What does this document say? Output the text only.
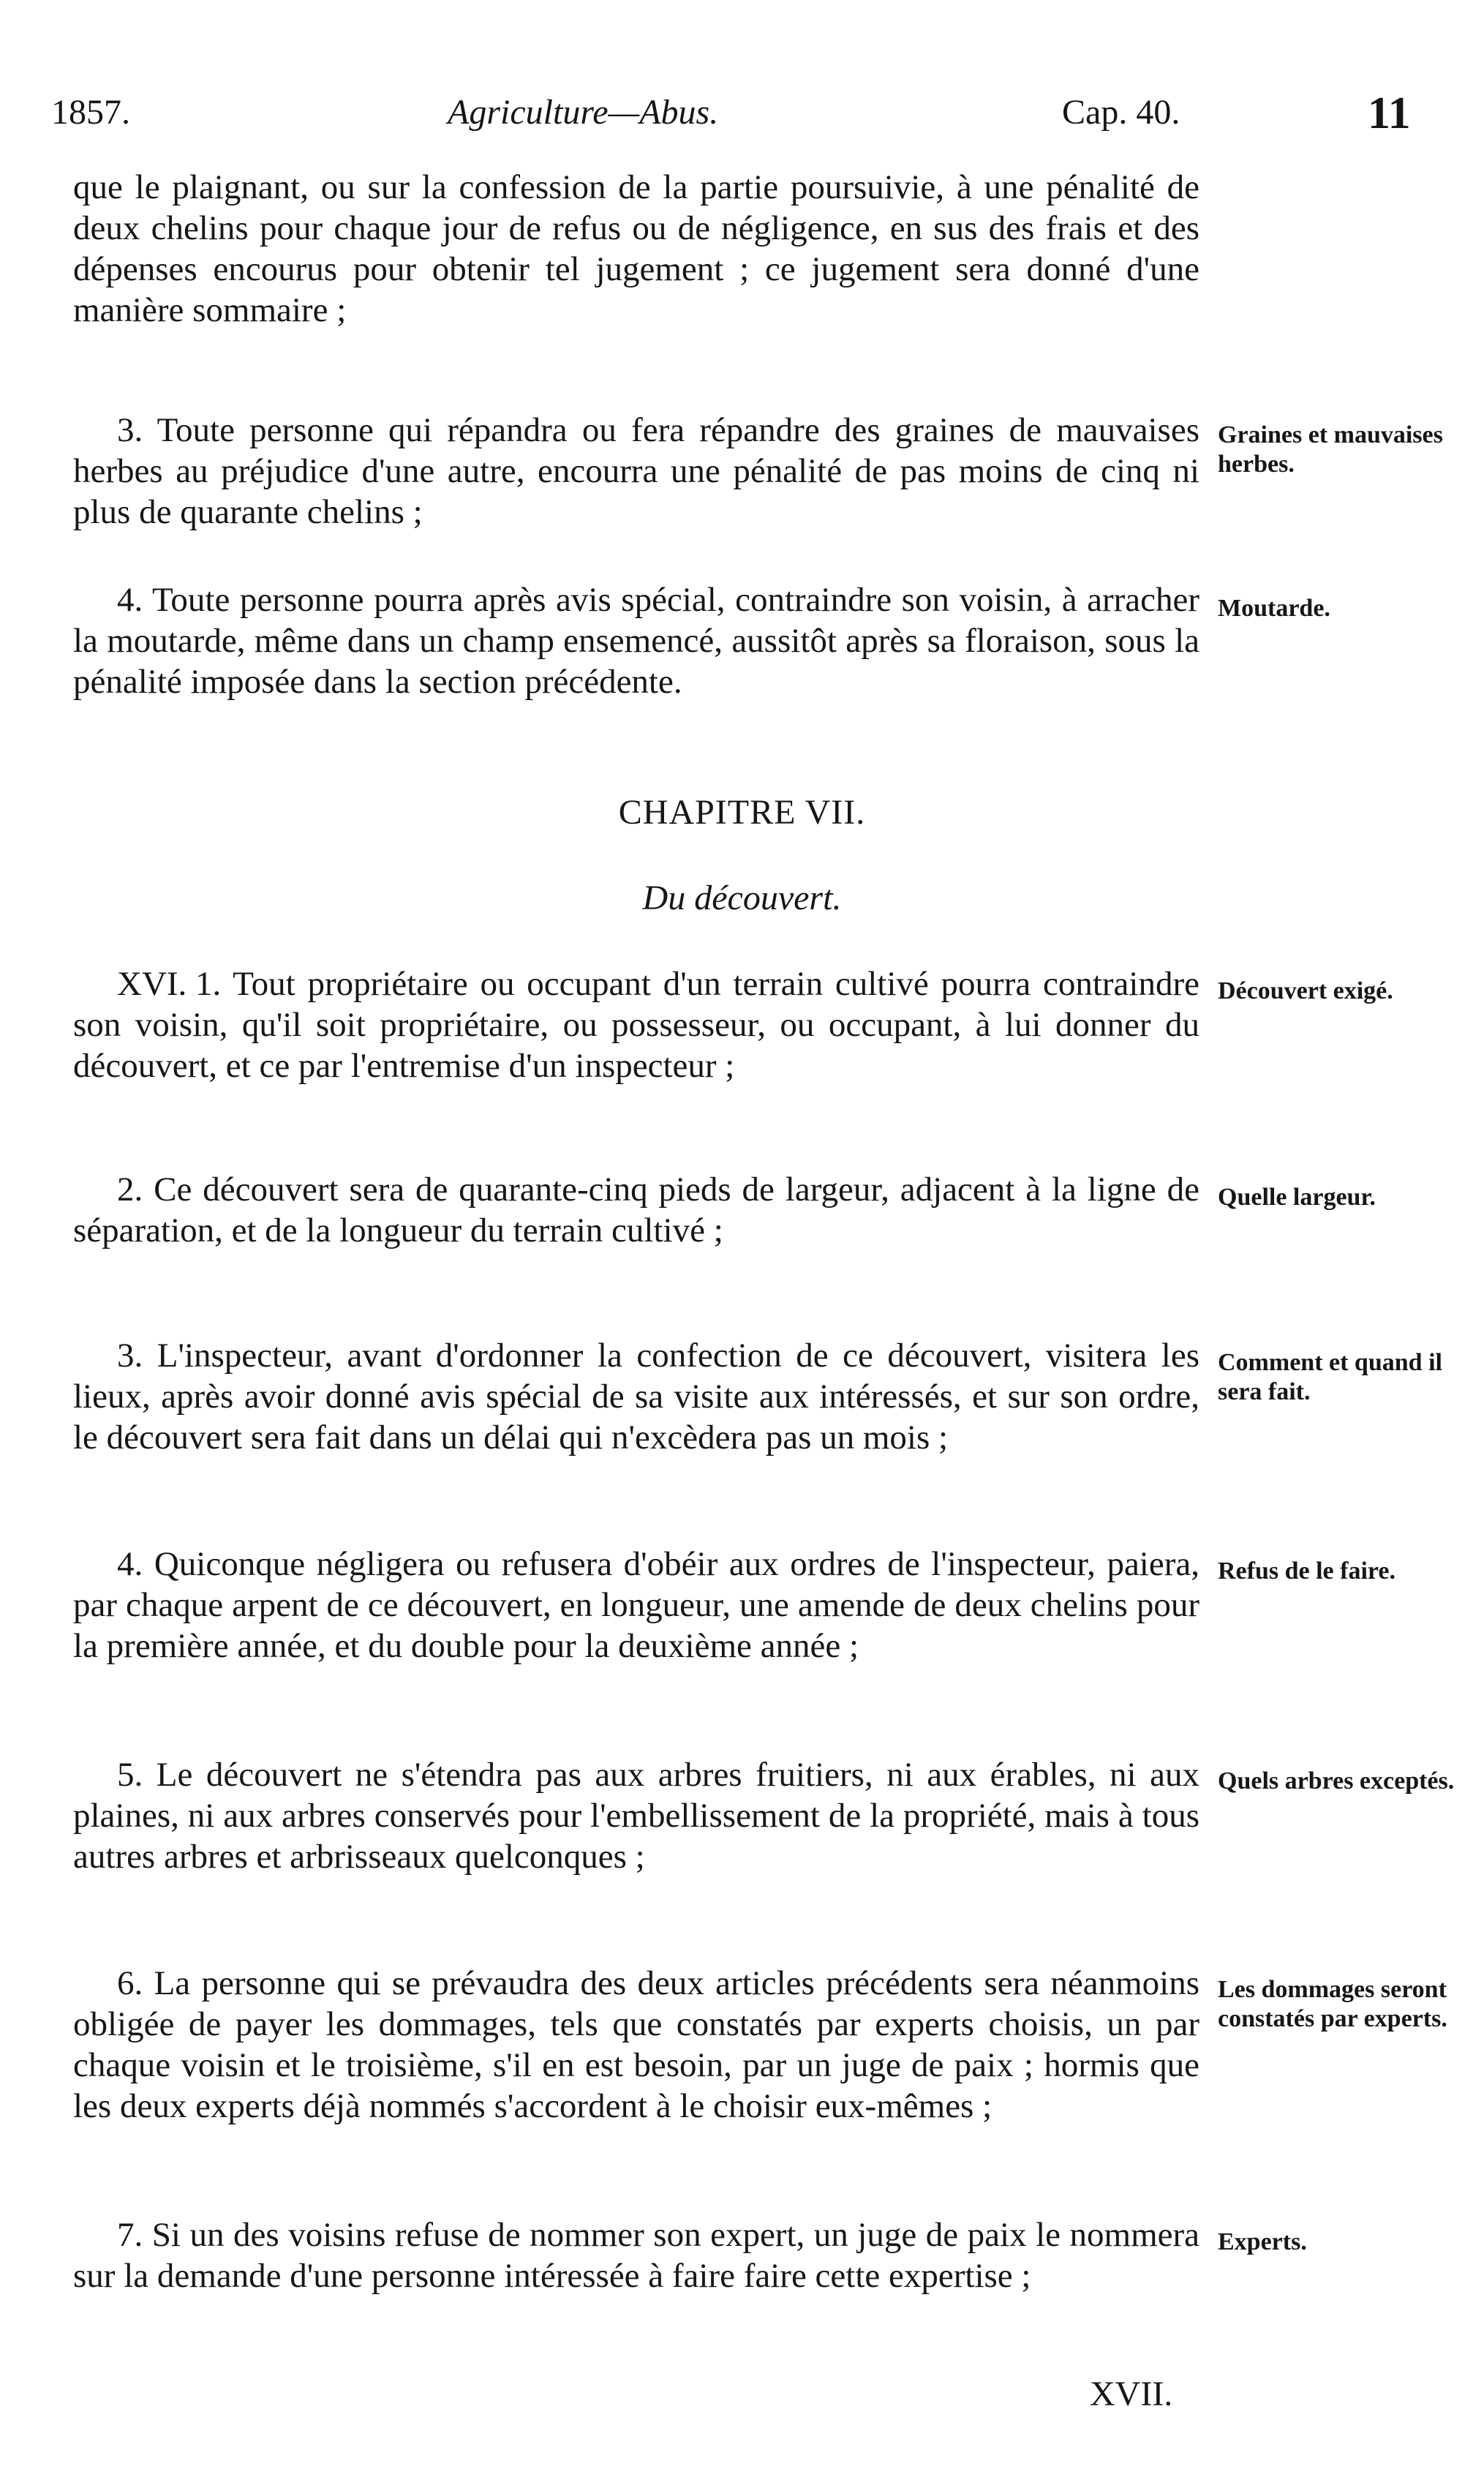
1857.	Agriculture—Abus.	Cap. 40.	11

que le plaignant, ou sur la confession de la partie poursuivie, à une pénalité de deux chelins pour chaque jour de refus ou de négligence, en sus des frais et des dépenses encourus pour obtenir tel jugement ; ce jugement sera donné d'une manière sommaire ;

3. Toute personne qui répandra ou fera répandre des graines de mauvaises herbes au préjudice d'une autre, encourra une pénalité de pas moins de cinq ni plus de quarante chelins ;

4. Toute personne pourra après avis spécial, contraindre son voisin, à arracher la moutarde, même dans un champ ensemencé, aussitôt après sa floraison, sous la pénalité imposée dans la section précédente.

XVI. 1. Tout propriétaire ou occupant d'un terrain cultivé pourra contraindre son voisin, qu'il soit propriétaire, ou possesseur, ou occupant, à lui donner du découvert, et ce par l'entremise d'un inspecteur ;

2. Ce découvert sera de quarante-cinq pieds de largeur, adjacent à la ligne de séparation, et de la longueur du terrain cultivé ;

3. L'inspecteur, avant d'ordonner la confection de ce découvert, visitera les lieux, après avoir donné avis spécial de sa visite aux intéressés, et sur son ordre, le découvert sera fait dans un délai qui n'excèdera pas un mois ;

4. Quiconque négligera ou refusera d'obéir aux ordres de l'inspecteur, paiera, par chaque arpent de ce découvert, en longueur, une amende de deux chelins pour la première année, et du double pour la deuxième année ;

5. Le découvert ne s'étendra pas aux arbres fruitiers, ni aux érables, ni aux plaines, ni aux arbres conservés pour l'embellissement de la propriété, mais à tous autres arbres et arbrisseaux quelconques ;

6. La personne qui se prévaudra des deux articles précédents sera néanmoins obligée de payer les dommages, tels que constatés par experts choisis, un par chaque voisin et le troisième, s'il en est besoin, par un juge de paix ; hormis que les deux experts déjà nommés s'accordent à le choisir eux-mêmes ;

7. Si un des voisins refuse de nommer son expert, un juge de paix le nommera sur la demande d'une personne intéressée à faire faire cette expertise ;

CHAPITRE VII.
Du découvert.
Graines et mauvaises herbes.
Moutarde.
Découvert exigé.
Quelle largeur.
Comment et quand il sera fait.
Refus de le faire.
Quels arbres exceptés.
Les dommages seront constatés par experts.
Experts.
XVII.
